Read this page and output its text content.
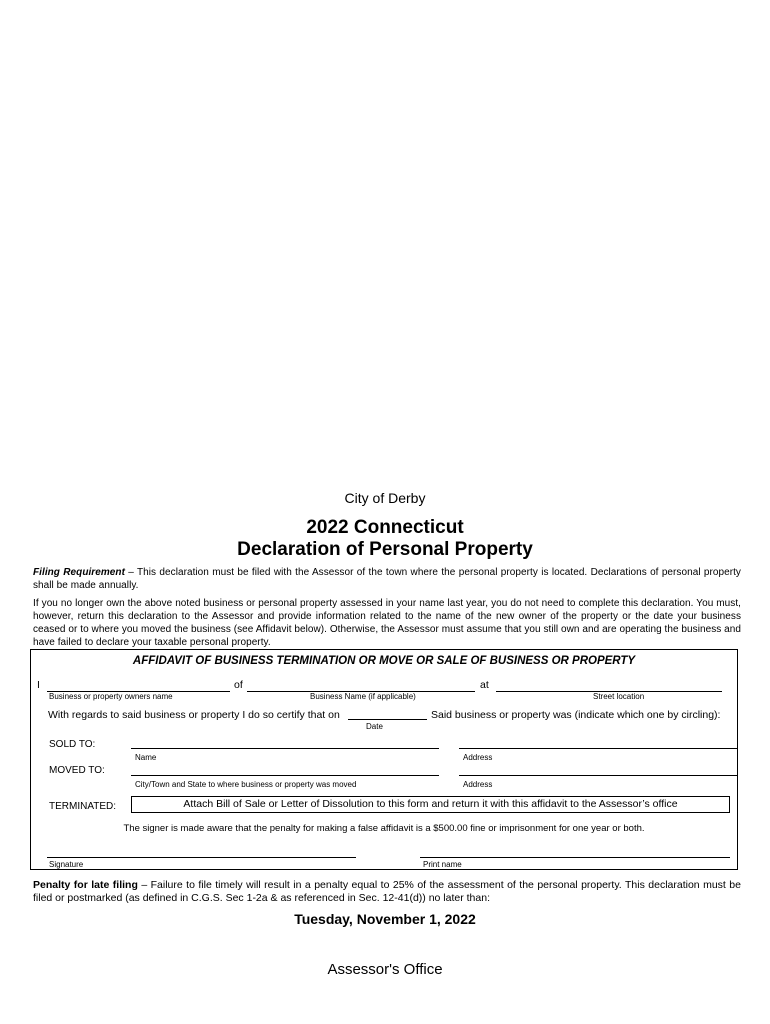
City of Derby
2022 Connecticut
Declaration of Personal Property
Filing Requirement – This declaration must be filed with the Assessor of the town where the personal property is located. Declarations of personal property shall be made annually.
If you no longer own the above noted business or personal property assessed in your name last year, you do not need to complete this declaration. You must, however, return this declaration to the Assessor and provide information related to the name of the new owner of the property or the date your business ceased or to where you moved the business (see Affidavit below). Otherwise, the Assessor must assume that you still own and are operating the business and have failed to declare your taxable personal property.
AFFIDAVIT OF BUSINESS TERMINATION OR MOVE OR SALE OF BUSINESS OR PROPERTY
I	of	at
Business or property owners name	Business Name (if applicable)	Street location
With regards to said business or property I do so certify that on	Said business or property was (indicate which one by circling):
Date
SOLD TO:
Name	Address
MOVED TO:
City/Town and State to where business or property was moved	Address
TERMINATED:	Attach Bill of Sale or Letter of Dissolution to this form and return it with this affidavit to the Assessor’s office
The signer is made aware that the penalty for making a false affidavit is a $500.00 fine or imprisonment for one year or both.
Signature	Print name
Penalty for late filing – Failure to file timely will result in a penalty equal to 25% of the assessment of the personal property. This declaration must be filed or postmarked (as defined in C.G.S. Sec 1-2a & as referenced in Sec. 12-41(d)) no later than:
Tuesday, November 1, 2022
Assessor's Office
